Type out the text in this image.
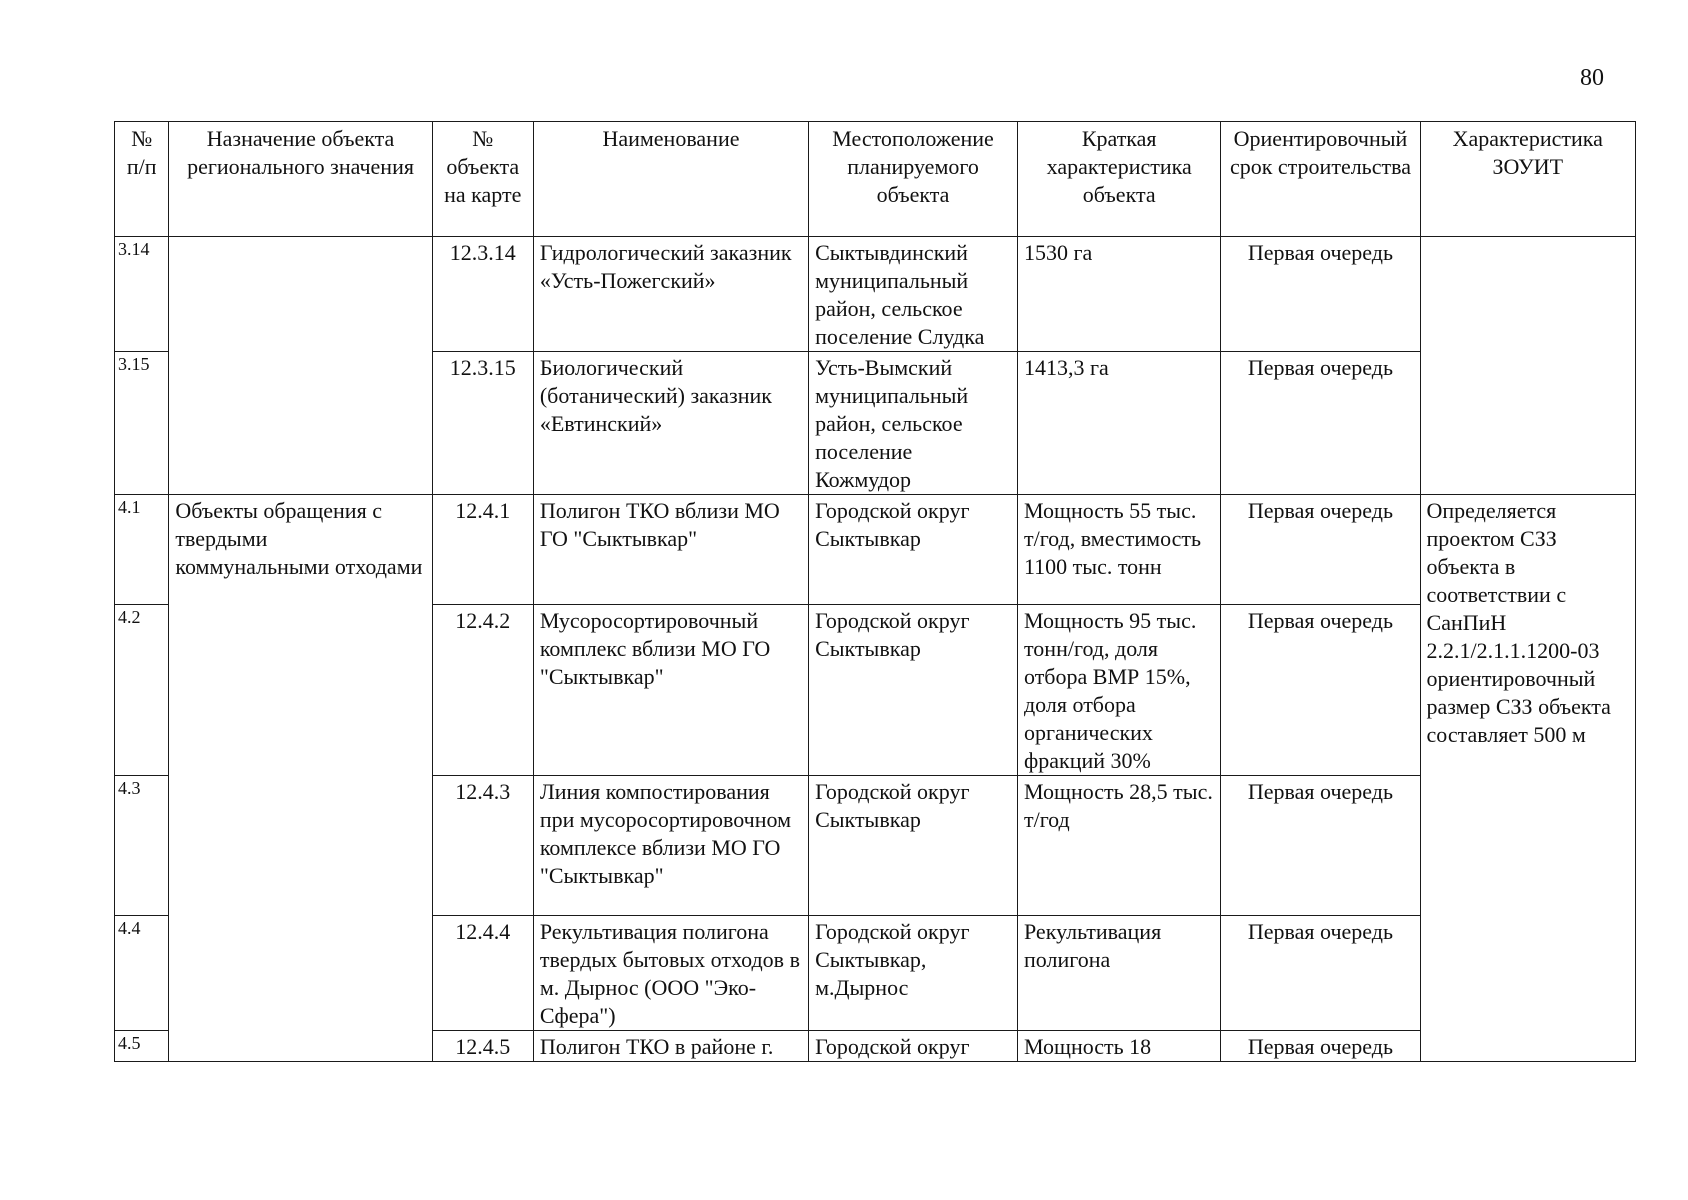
80
№ п/п	Назначение объекта регионального значения	№ объекта на карте	Наименование	Местоположение планируемого объекта	Краткая характеристика объекта	Ориентировочный срок строительства	Характеристика ЗОУИТ
3.14		12.3.14	Гидрологический заказник «Усть-Пожегский»	Сыктывдинский муниципальный район, сельское поселение Слудка	1530 га	Первая очередь	
3.15		12.3.15	Биологический (ботанический) заказник «Евтинский»	Усть-Вымский муниципальный район, сельское поселение Кожмудор	1413,3 га	Первая очередь	
4.1	Объекты обращения с твердыми коммунальными отходами	12.4.1	Полигон ТКО вблизи МО ГО "Сыктывкар"	Городской округ Сыктывкар	Мощность 55 тыс. т/год, вместимость 1100 тыс. тонн	Первая очередь	Определяется проектом СЗЗ объекта в соответствии с СанПиН 2.2.1/2.1.1.1200-03 ориентировочный размер СЗЗ объекта составляет 500 м
4.2		12.4.2	Мусоросортировочный комплекс вблизи МО ГО "Сыктывкар"	Городской округ Сыктывкар	Мощность 95 тыс. тонн/год, доля отбора ВМР 15%, доля отбора органических фракций 30%	Первая очередь	
4.3		12.4.3	Линия компостирования при мусоросортировочном комплексе вблизи МО ГО "Сыктывкар"	Городской округ Сыктывкар	Мощность 28,5 тыс. т/год	Первая очередь	
4.4		12.4.4	Рекультивация полигона твердых бытовых отходов в м. Дырнос (ООО "Эко-Сфера")	Городской округ Сыктывкар, м.Дырнос	Рекультивация полигона	Первая очередь	
4.5		12.4.5	Полигон ТКО в районе г.	Городской округ	Мощность 18	Первая очередь	
